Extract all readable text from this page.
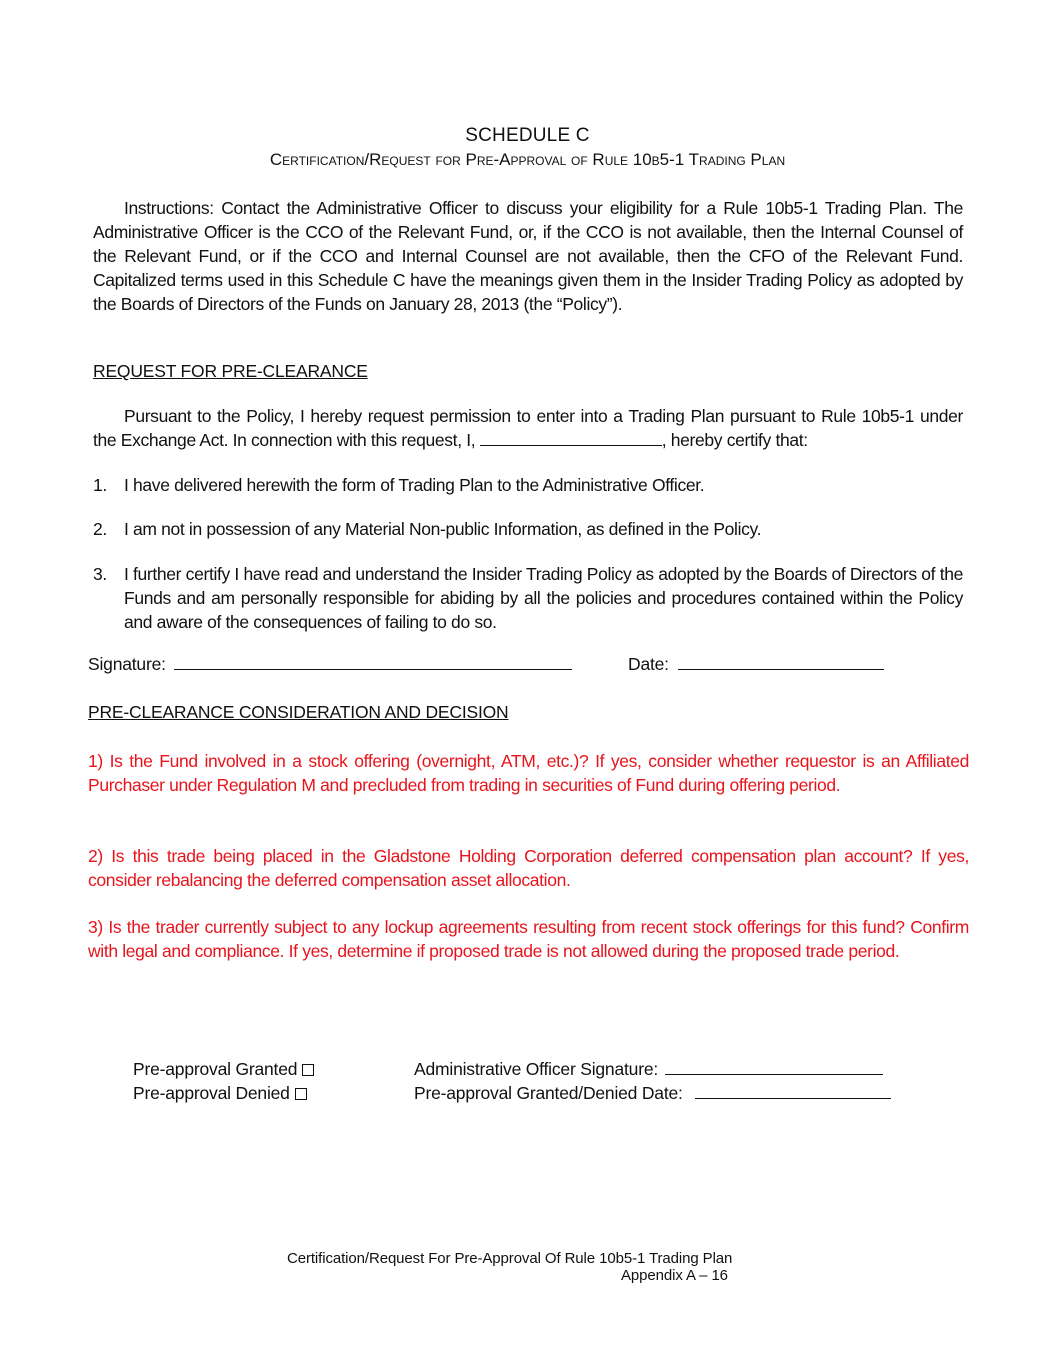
SCHEDULE C
Certification/Request for Pre-Approval of Rule 10b5-1 Trading Plan
Instructions: Contact the Administrative Officer to discuss your eligibility for a Rule 10b5-1 Trading Plan. The Administrative Officer is the CCO of the Relevant Fund, or, if the CCO is not available, then the Internal Counsel of the Relevant Fund, or if the CCO and Internal Counsel are not available, then the CFO of the Relevant Fund. Capitalized terms used in this Schedule C have the meanings given them in the Insider Trading Policy as adopted by the Boards of Directors of the Funds on January 28, 2013 (the “Policy”).
REQUEST FOR PRE-CLEARANCE
Pursuant to the Policy, I hereby request permission to enter into a Trading Plan pursuant to Rule 10b5-1 under the Exchange Act. In connection with this request, I,	, hereby certify that:
1. I have delivered herewith the form of Trading Plan to the Administrative Officer.
2. I am not in possession of any Material Non-public Information, as defined in the Policy.
3. I further certify I have read and understand the Insider Trading Policy as adopted by the Boards of Directors of the Funds and am personally responsible for abiding by all the policies and procedures contained within the Policy and aware of the consequences of failing to do so.
Signature:	Date:
PRE-CLEARANCE CONSIDERATION AND DECISION
1) Is the Fund involved in a stock offering (overnight, ATM, etc.)? If yes, consider whether requestor is an Affiliated Purchaser under Regulation M and precluded from trading in securities of Fund during offering period.
2) Is this trade being placed in the Gladstone Holding Corporation deferred compensation plan account? If yes, consider rebalancing the deferred compensation asset allocation.
3) Is the trader currently subject to any lockup agreements resulting from recent stock offerings for this fund? Confirm with legal and compliance. If yes, determine if proposed trade is not allowed during the proposed trade period.
Pre-approval Granted
Pre-approval Denied
Administrative Officer Signature:
Pre-approval Granted/Denied Date:
Certification/Request For Pre-Approval Of Rule 10b5-1 Trading Plan
Appendix A – 16
